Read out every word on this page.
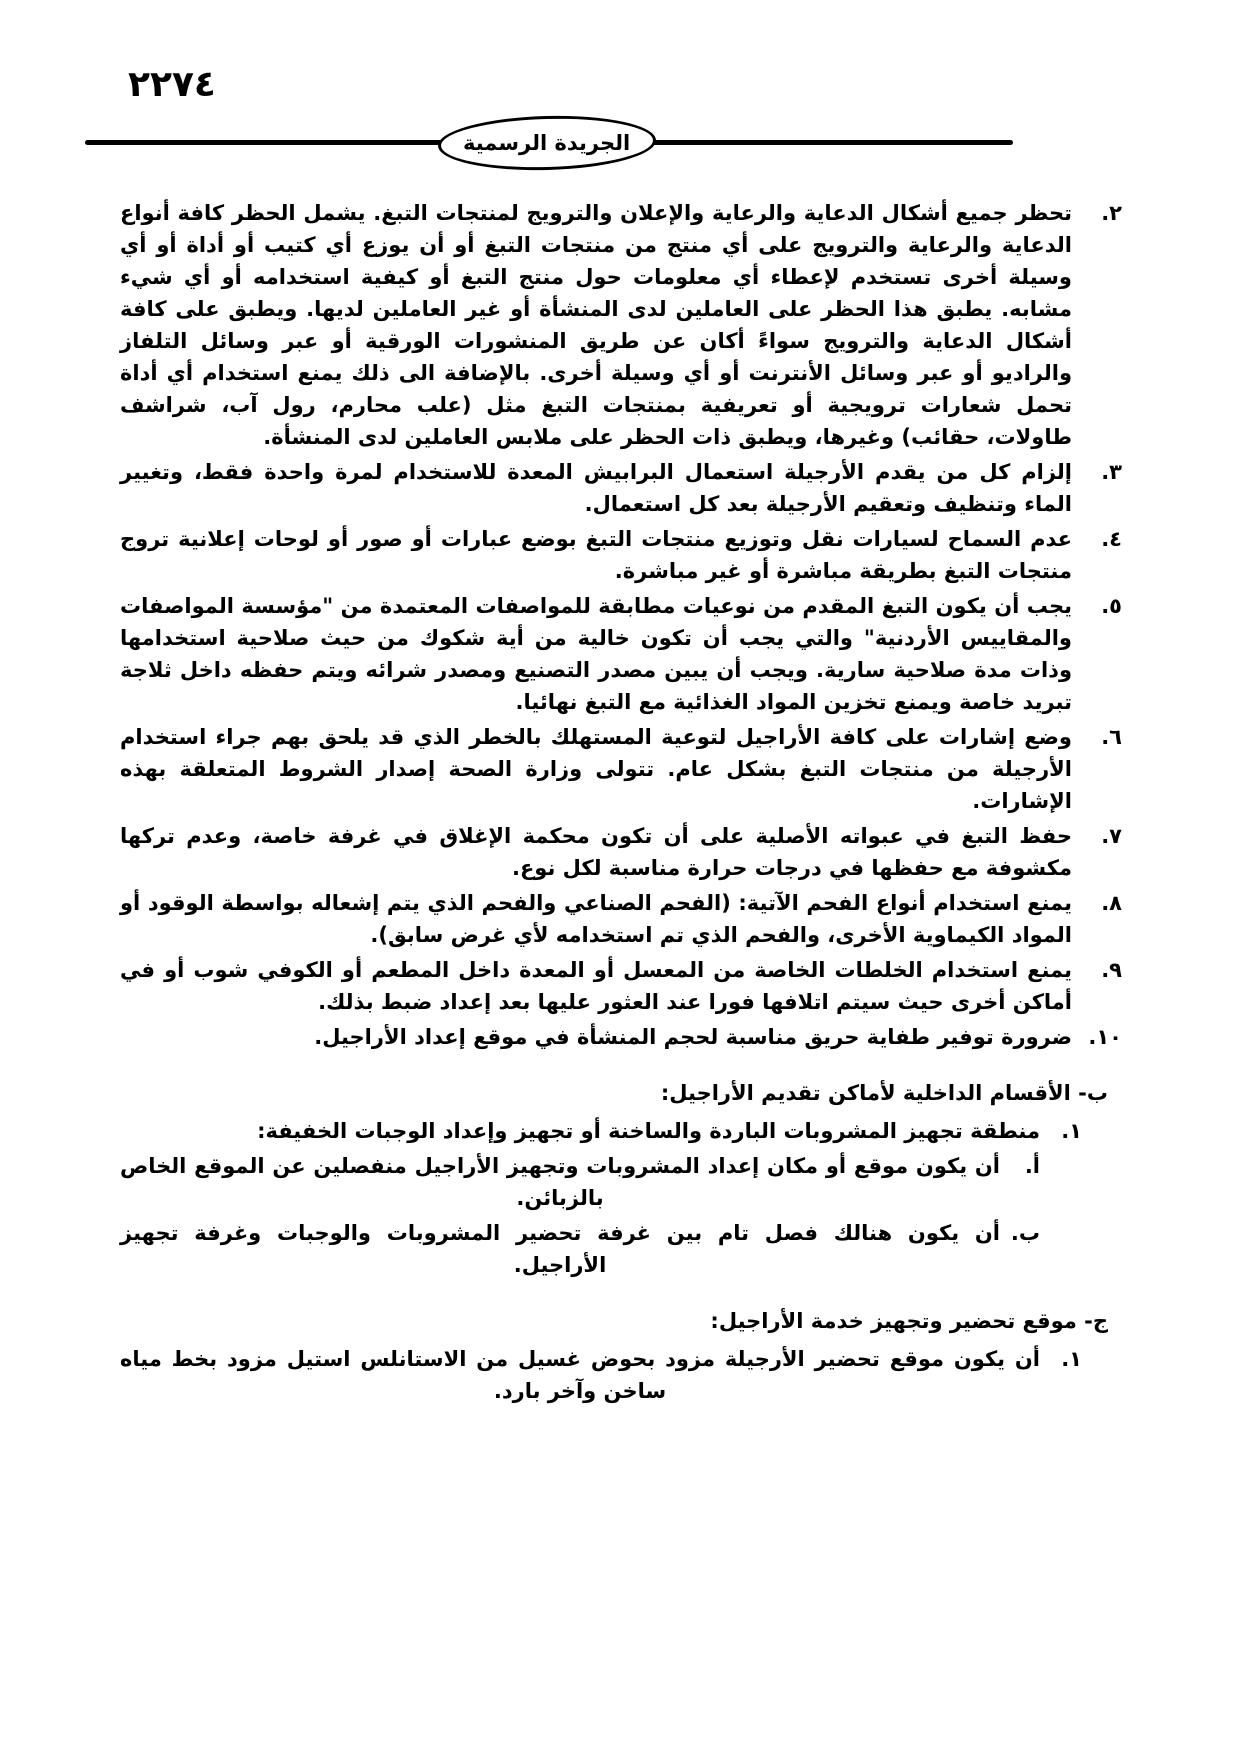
٢٢٧٤
الجريدة الرسمية
٢.
تحظر جميع أشكال الدعاية والرعاية والإعلان والترويج لمنتجات التبغ. يشمل الحظر كافة أنواع الدعاية والرعاية والترويج على أي منتج من منتجات التبغ أو أن يوزع أي كتيب أو أداة أو أي وسيلة أخرى تستخدم لإعطاء أي معلومات حول منتج التبغ أو كيفية استخدامه أو أي شيء مشابه. يطبق هذا الحظر على العاملين لدى المنشأة أو غير العاملين لديها. ويطبق على كافة أشكال الدعاية والترويج سواءً أكان عن طريق المنشورات الورقية أو عبر وسائل التلفاز والراديو أو عبر وسائل الأنترنت أو أي وسيلة أخرى. بالإضافة الى ذلك يمنع استخدام أي أداة تحمل شعارات ترويجية أو تعريفية بمنتجات التبغ مثل (علب محارم، رول آب، شراشف طاولات، حقائب) وغيرها، ويطبق ذات الحظر على ملابس العاملين لدى المنشأة.
٣.
إلزام كل من يقدم الأرجيلة استعمال البرابيش المعدة للاستخدام لمرة واحدة فقط، وتغيير الماء وتنظيف وتعقيم الأرجيلة بعد كل استعمال.
٤.
عدم السماح لسيارات نقل وتوزيع منتجات التبغ بوضع عبارات أو صور أو لوحات إعلانية تروج منتجات التبغ بطريقة مباشرة أو غير مباشرة.
٥.
يجب أن يكون التبغ المقدم من نوعيات مطابقة للمواصفات المعتمدة من "مؤسسة المواصفات والمقاييس الأردنية" والتي يجب أن تكون خالية من أية شكوك من حيث صلاحية استخدامها وذات مدة صلاحية سارية. ويجب أن يبين مصدر التصنيع ومصدر شرائه ويتم حفظه داخل ثلاجة تبريد خاصة ويمنع تخزين المواد الغذائية مع التبغ نهائيا.
٦.
وضع إشارات على كافة الأراجيل لتوعية المستهلك بالخطر الذي قد يلحق بهم جراء استخدام الأرجيلة من منتجات التبغ بشكل عام. تتولى وزارة الصحة إصدار الشروط المتعلقة بهذه الإشارات.
٧.
حفظ التبغ في عبواته الأصلية على أن تكون محكمة الإغلاق في غرفة خاصة، وعدم تركها مكشوفة مع حفظها في درجات حرارة مناسبة لكل نوع.
٨.
يمنع استخدام أنواع الفحم الآتية: (الفحم الصناعي والفحم الذي يتم إشعاله بواسطة الوقود أو المواد الكيماوية الأخرى، والفحم الذي تم استخدامه لأي غرض سابق).
٩.
يمنع استخدام الخلطات الخاصة من المعسل أو المعدة داخل المطعم أو الكوفي شوب أو في أماكن أخرى حيث سيتم اتلافها فورا عند العثور عليها بعد إعداد ضبط بذلك.
١٠.
ضرورة توفير طفاية حريق مناسبة لحجم المنشأة في موقع إعداد الأراجيل.
ب- الأقسام الداخلية لأماكن تقديم الأراجيل:
١.
منطقة تجهيز المشروبات الباردة والساخنة أو تجهيز وإعداد الوجبات الخفيفة:
أ.
أن يكون موقع أو مكان إعداد المشروبات وتجهيز الأراجيل منفصلين عن الموقع الخاص بالزبائن.
ب.
أن يكون هنالك فصل تام بين غرفة تحضير المشروبات والوجبات وغرفة تجهيز الأراجيل.
ج- موقع تحضير وتجهيز خدمة الأراجيل:
١.
أن يكون موقع تحضير الأرجيلة مزود بحوض غسيل من الاستانلس استيل مزود بخط مياه ساخن وآخر بارد.
